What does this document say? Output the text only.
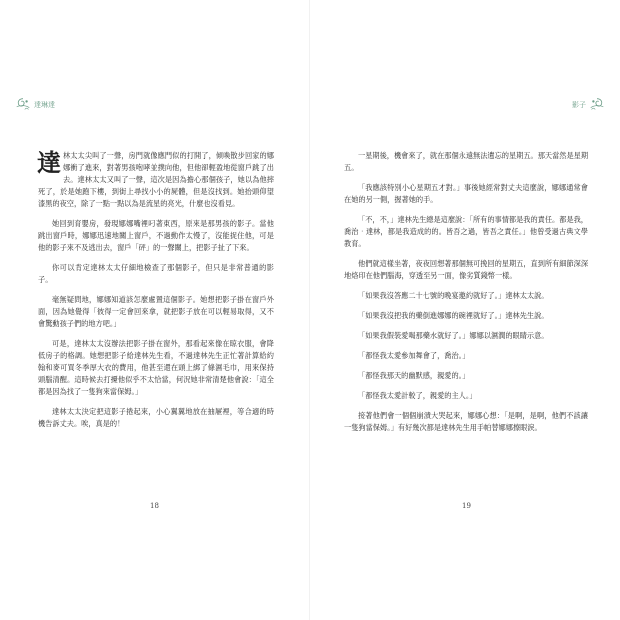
達琳達

達林太太尖叫了一聲，房門就像應門似的打開了，傾喚散步回家的娜娜衝了進來，對著男孩咆哮並撲向他，但他卻輕盈地從窗戶跳了出去。達林太太又叫了一聲，這次是因為擔心那個孩子，她以為他摔死了，於是她跑下樓，到街上尋找小小的屍體，但是沒找到。她抬頭仰望漆黑的夜空，除了一點一點以為是流星的亮光，什麼也沒看見。

她回到育嬰房，發現娜娜嘴裡叼著東西，原來是那男孩的影子。當他跳出窗戶時，娜娜迅速地關上窗戶，不過動作太慢了，沒能捉住他，可是他的影子來不及逃出去，窗戶「砰」的一聲關上，把影子扯了下來。

你可以肯定達林太太仔細地檢查了那個影子，但只是非常普通的影子。

毫無疑問地，娜娜知道該怎麼處置這個影子。她想把影子掛在窗戶外面，因為她覺得「彼得一定會回來拿，就把影子放在可以輕易取得，又不會驚動孩子們的地方吧。」

可是，達林太太沒辦法把影子掛在窗外，那看起來像在晾衣服，會降低房子的格調。她想把影子給達林先生看，不過達林先生正忙著計算給約翰和麥可買冬季厚大衣的費用，他甚至還在頭上綁了條濕毛巾，用來保持頭腦清醒。這時候去打擾他似乎不太恰當，何況她非常清楚他會說：「這全都是因為找了一隻狗來當保姆。」

達林太太決定把這影子捲起來，小心翼翼地放在抽屜裡，等合適的時機告訴丈夫。唉，真是的！

18
影子

一星期後，機會來了，就在那個永遠無法遺忘的星期五。那天當然是星期五。

「我應該特別小心星期五才對。」事後她經常對丈夫這麼說，娜娜通常會在她的另一側，握著她的手。

「不，不，」達林先生總是這麼說：「所有的事情都是我的責任。都是我，喬治‧達林，都是我造成的的。皆吾之過，皆吾之責任。」他曾受過古典文學教育。

他們就這樣坐著，夜夜回想著那個無可挽回的星期五，直到所有細節深深地烙印在他們腦海，穿透至另一面，像劣質錢幣一樣。

「如果我沒答應二十七號的晚宴邀約就好了。」達林太太說。

「如果我沒把我的藥倒進娜娜的碗裡就好了。」達林先生說。

「如果我假裝愛喝那藥水就好了。」娜娜以濕潤的眼睛示意。

「都怪我太愛參加舞會了，喬治。」

「都怪我那天的幽默感，親愛的。」

「都怪我太愛計較了，親愛的主人。」

接著他們會一個個崩潰大哭起來，娜娜心想：「是啊，是啊，他們不該讓一隻狗當保姆。」有好幾次都是達林先生用手帕替娜娜擦眼淚。

19
